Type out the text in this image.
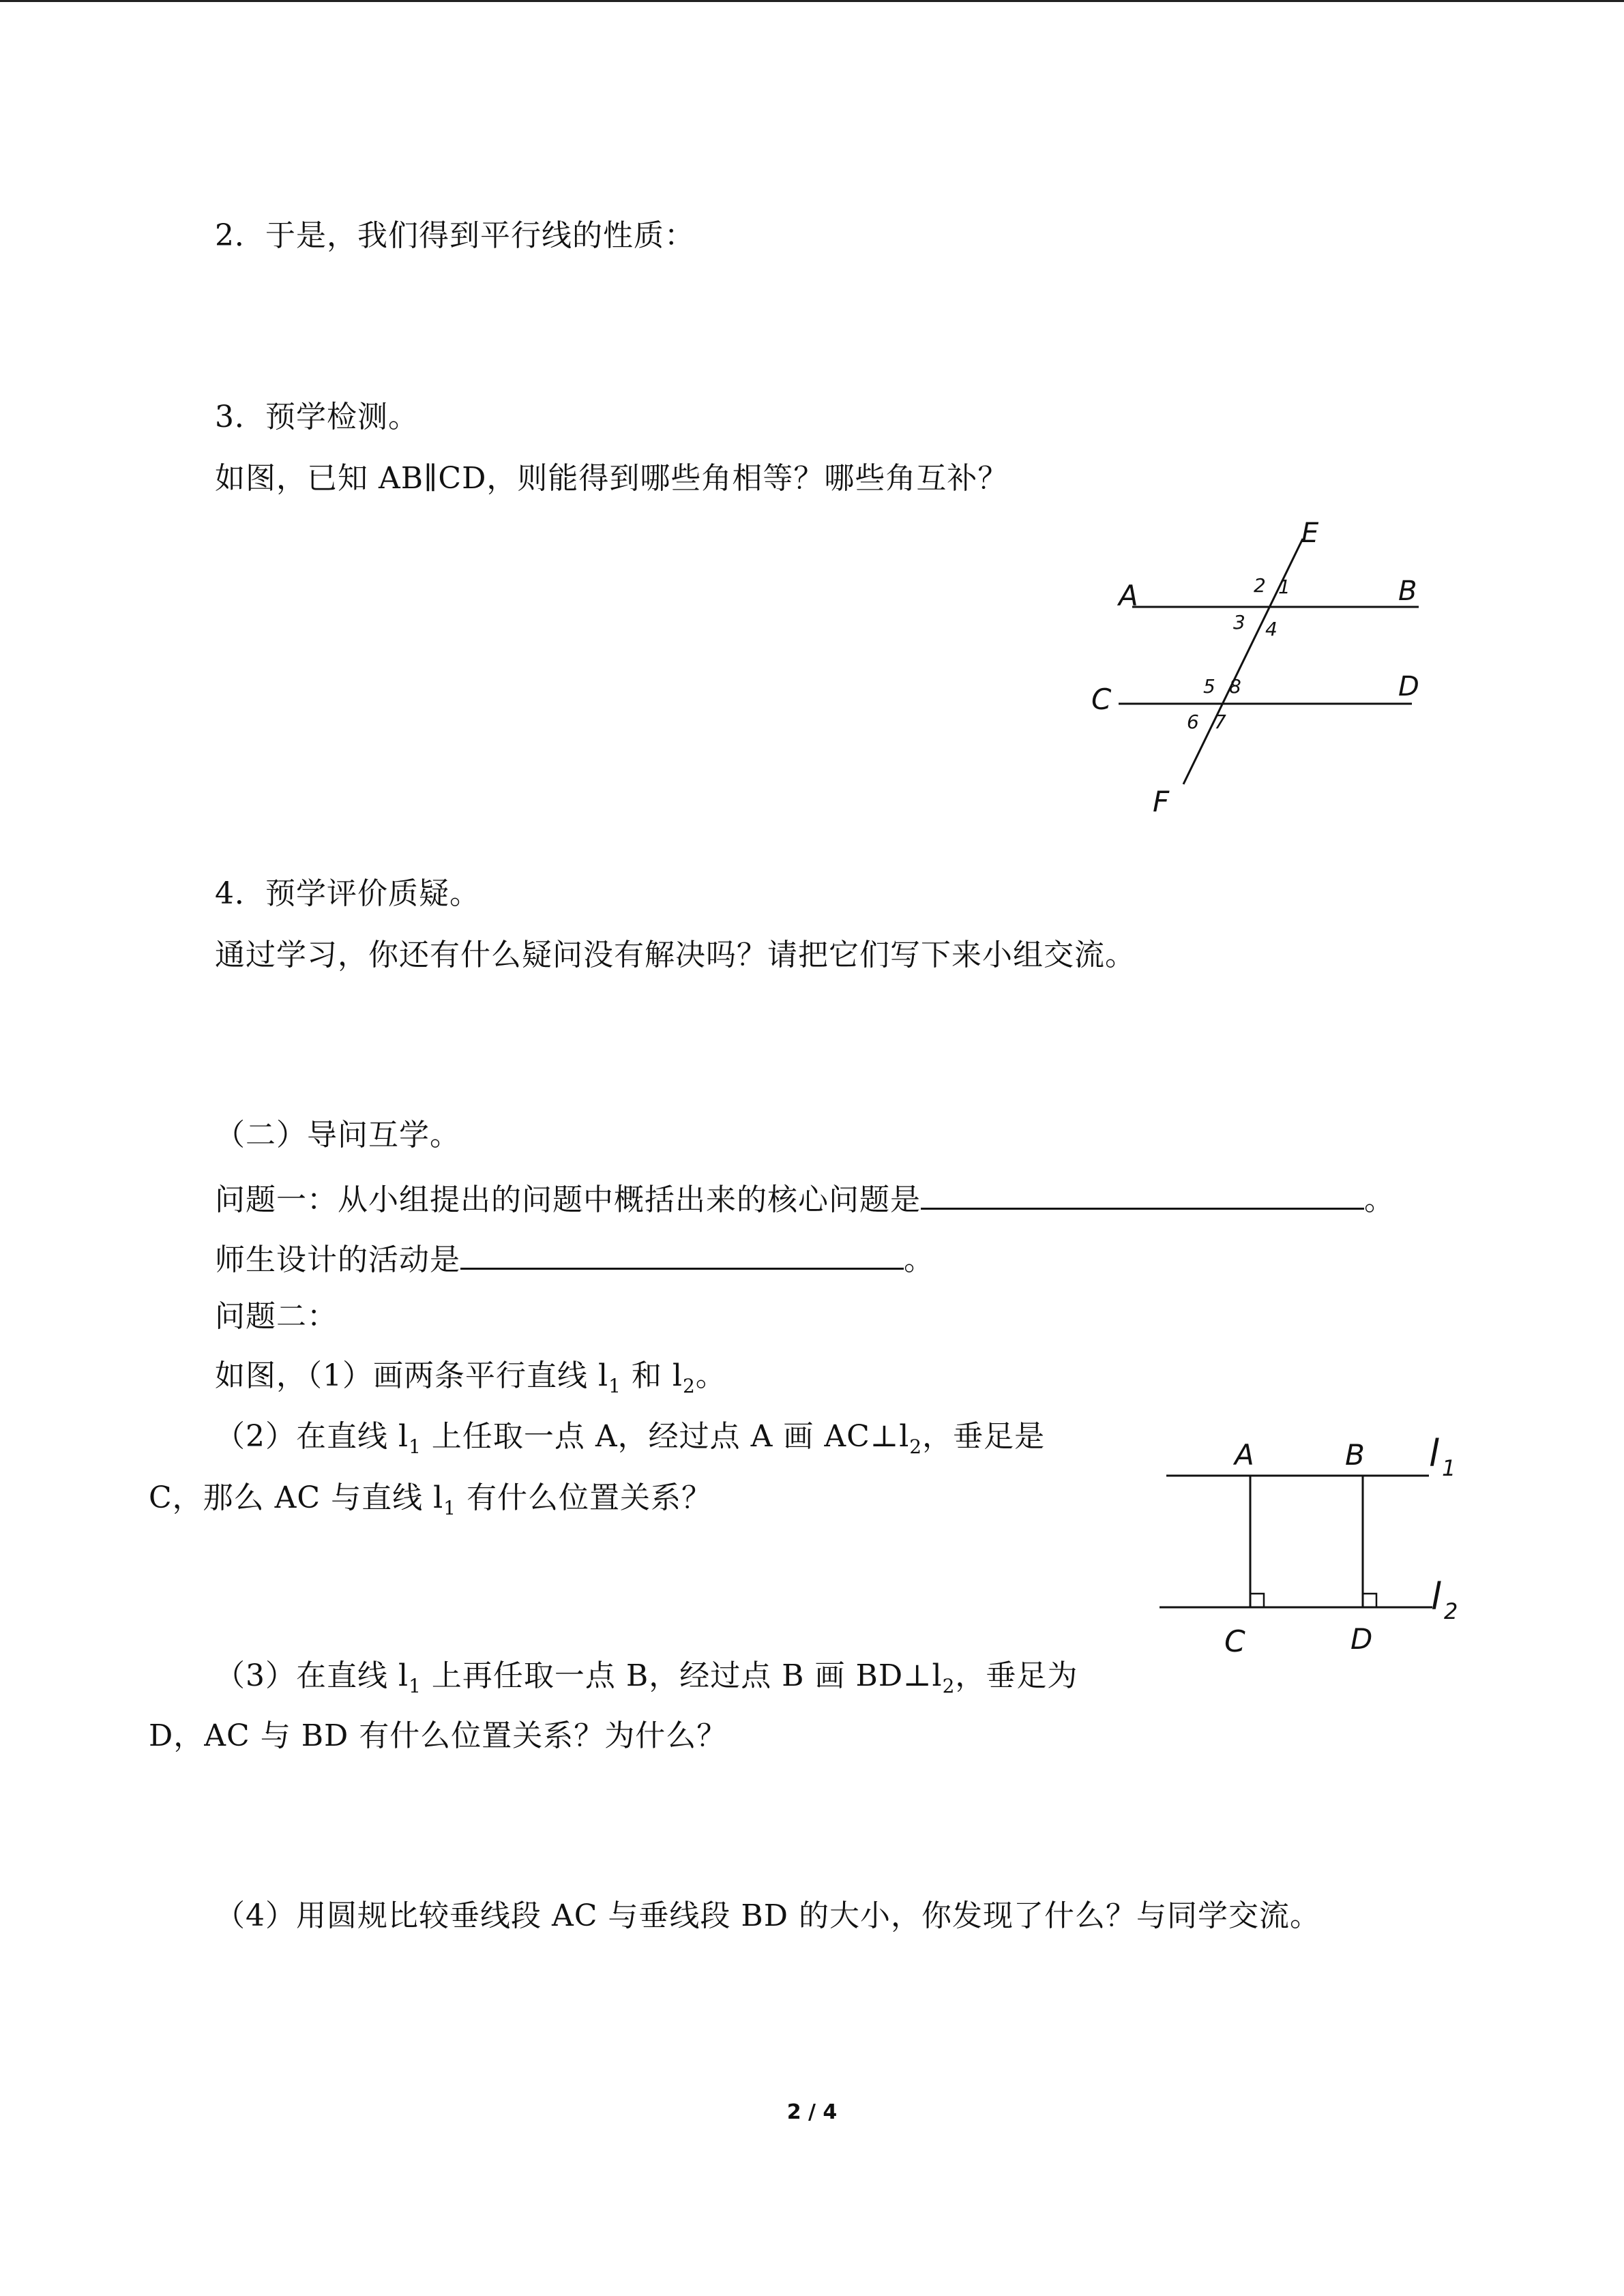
2．于是，我们得到平行线的性质：
3．预学检测。
如图，已知 AB∥CD，则能得到哪些角相等？哪些角互补？
E
A	B
C	D
F
1
2
3 4
5
6 7
8
4．预学评价质疑。
通过学习，你还有什么疑问没有解决吗？请把它们写下来小组交流。
（二）导问互学。
问题一：从小组提出的问题中概括出来的核心问题是	。
师生设计的活动是	。
问题二：
如图，（1）画两条平行直线 $l_1$ 和 $l_2$。
（2）在直线 $l_1$ 上任取一点 A，经过点 A 画 $AC\perp l_2$，垂足是
C，那么 AC 与直线 $l_1$ 有什么位置关系？
A	B
C	D
l $_1$
l $_2$
（3）在直线 $l_1$ 上再任取一点 B，经过点 B 画 $BD\perp l_2$，垂足为
D，AC 与 BD 有什么位置关系？为什么？
（4）用圆规比较垂线段 AC 与垂线段 BD 的大小，你发现了什么？与同学交流。
2 / 4
